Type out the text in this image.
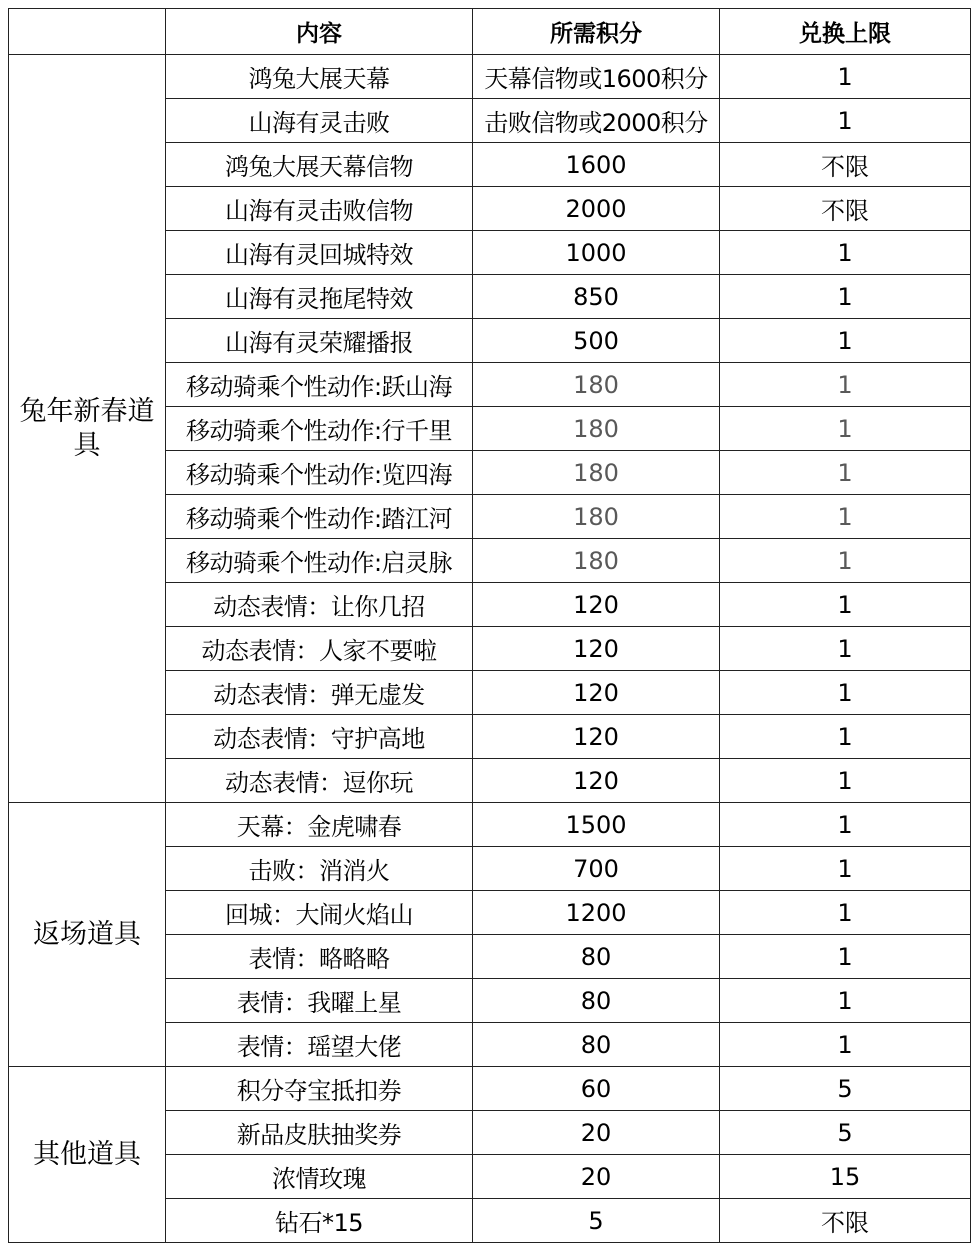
	内容	所需积分	兑换上限
兔年新春道具	鸿兔大展天幕	天幕信物或1600积分	1
	山海有灵击败	击败信物或2000积分	1
	鸿兔大展天幕信物	1600	不限
	山海有灵击败信物	2000	不限
	山海有灵回城特效	1000	1
	山海有灵拖尾特效	850	1
	山海有灵荣耀播报	500	1
	移动骑乘个性动作:跃山海	180	1
	移动骑乘个性动作:行千里	180	1
	移动骑乘个性动作:览四海	180	1
	移动骑乘个性动作:踏江河	180	1
	移动骑乘个性动作:启灵脉	180	1
	动态表情：让你几招	120	1
	动态表情：人家不要啦	120	1
	动态表情：弹无虚发	120	1
	动态表情：守护高地	120	1
	动态表情：逗你玩	120	1
返场道具	天幕：金虎啸春	1500	1
	击败：消消火	700	1
	回城：大闹火焰山	1200	1
	表情：略略略	80	1
	表情：我曜上星	80	1
	表情：瑶望大佬	80	1
其他道具	积分夺宝抵扣券	60	5
	新品皮肤抽奖券	20	5
	浓情玫瑰	20	15
	钻石*15	5	不限
